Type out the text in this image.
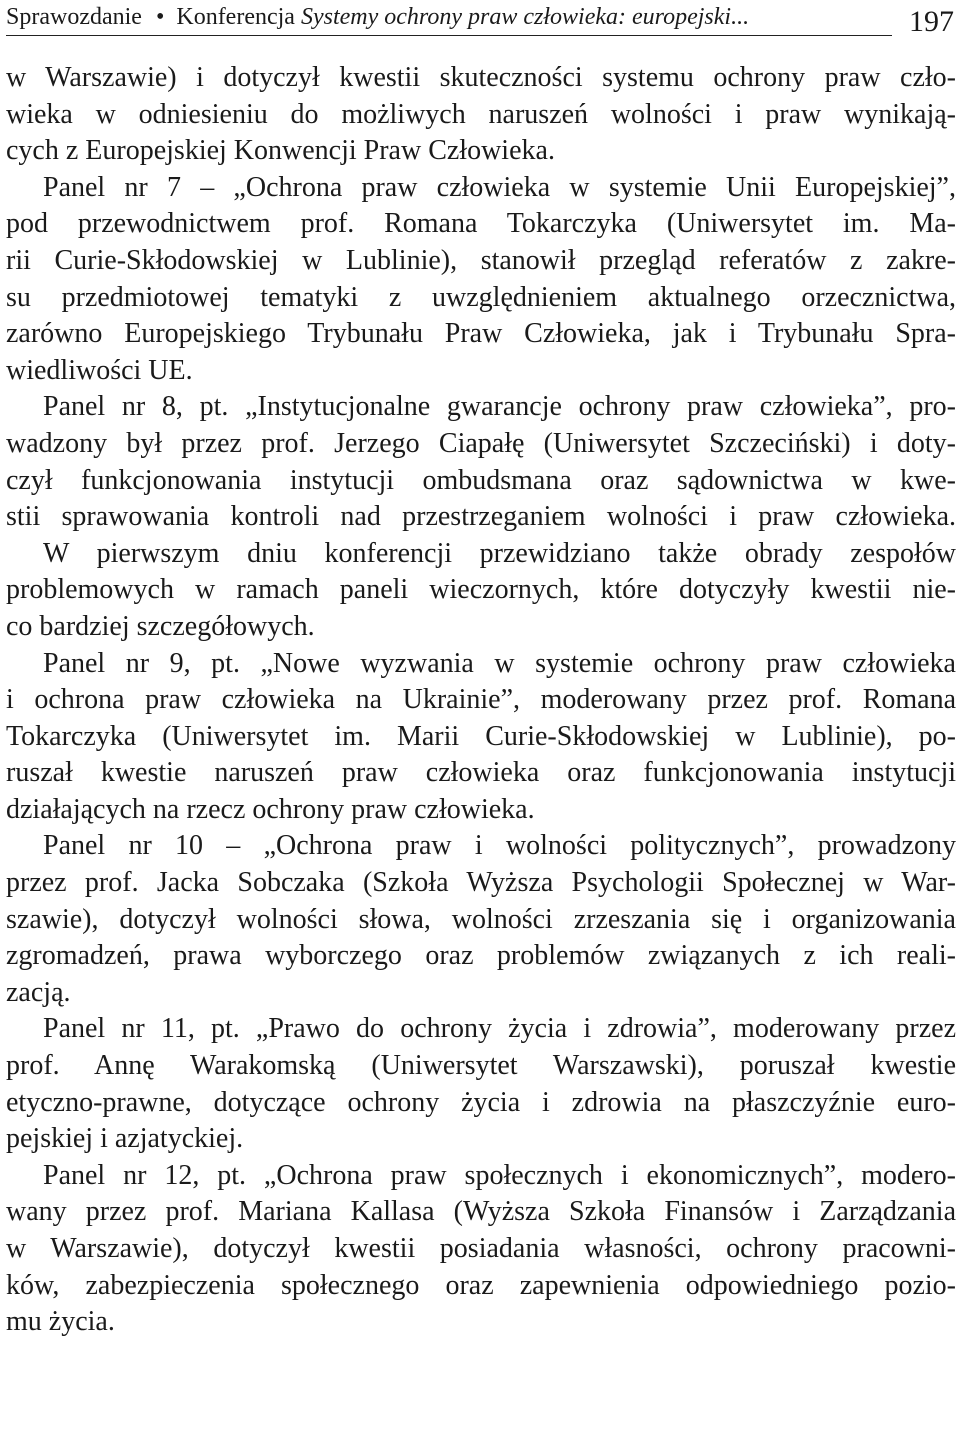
Sprawozdanie • Konferencja Systemy ochrony praw człowieka: europejski...	197
w Warszawie) i dotyczył kwestii skuteczności systemu ochrony praw czło-
wieka w odniesieniu do możliwych naruszeń wolności i praw wynikają-
cych z Europejskiej Konwencji Praw Człowieka.
Panel nr 7 – „Ochrona praw człowieka w systemie Unii Europejskiej”,
pod przewodnictwem prof. Romana Tokarczyka (Uniwersytet im. Ma-
rii Curie-Skłodowskiej w Lublinie), stanowił przegląd referatów z zakre-
su przedmiotowej tematyki z uwzględnieniem aktualnego orzecznictwa,
zarówno Europejskiego Trybunału Praw Człowieka, jak i Trybunału Spra-
wiedliwości UE.
Panel nr 8, pt. „Instytucjonalne gwarancje ochrony praw człowieka”, pro-
wadzony był przez prof. Jerzego Ciapałę (Uniwersytet Szczeciński) i doty-
czył funkcjonowania instytucji ombudsmana oraz sądownictwa w kwe-
stii sprawowania kontroli nad przestrzeganiem wolności i praw człowieka.
W pierwszym dniu konferencji przewidziano także obrady zespołów
problemowych w ramach paneli wieczornych, które dotyczyły kwestii nie-
co bardziej szczegółowych.
Panel nr 9, pt. „Nowe wyzwania w systemie ochrony praw człowieka
i ochrona praw człowieka na Ukrainie”, moderowany przez prof. Romana
Tokarczyka (Uniwersytet im. Marii Curie-Skłodowskiej w Lublinie), po-
ruszał kwestie naruszeń praw człowieka oraz funkcjonowania instytucji
działających na rzecz ochrony praw człowieka.
Panel nr 10 – „Ochrona praw i wolności politycznych”, prowadzony
przez prof. Jacka Sobczaka (Szkoła Wyższa Psychologii Społecznej w War-
szawie), dotyczył wolności słowa, wolności zrzeszania się i organizowania
zgromadzeń, prawa wyborczego oraz problemów związanych z ich reali-
zacją.
Panel nr 11, pt. „Prawo do ochrony życia i zdrowia”, moderowany przez
prof. Annę Warakomską (Uniwersytet Warszawski), poruszał kwestie
etyczno-prawne, dotyczące ochrony życia i zdrowia na płaszczyźnie euro-
pejskiej i azjatyckiej.
Panel nr 12, pt. „Ochrona praw społecznych i ekonomicznych”, modero-
wany przez prof. Mariana Kallasa (Wyższa Szkoła Finansów i Zarządzania
w Warszawie), dotyczył kwestii posiadania własności, ochrony pracowni-
ków, zabezpieczenia społecznego oraz zapewnienia odpowiedniego pozio-
mu życia.
